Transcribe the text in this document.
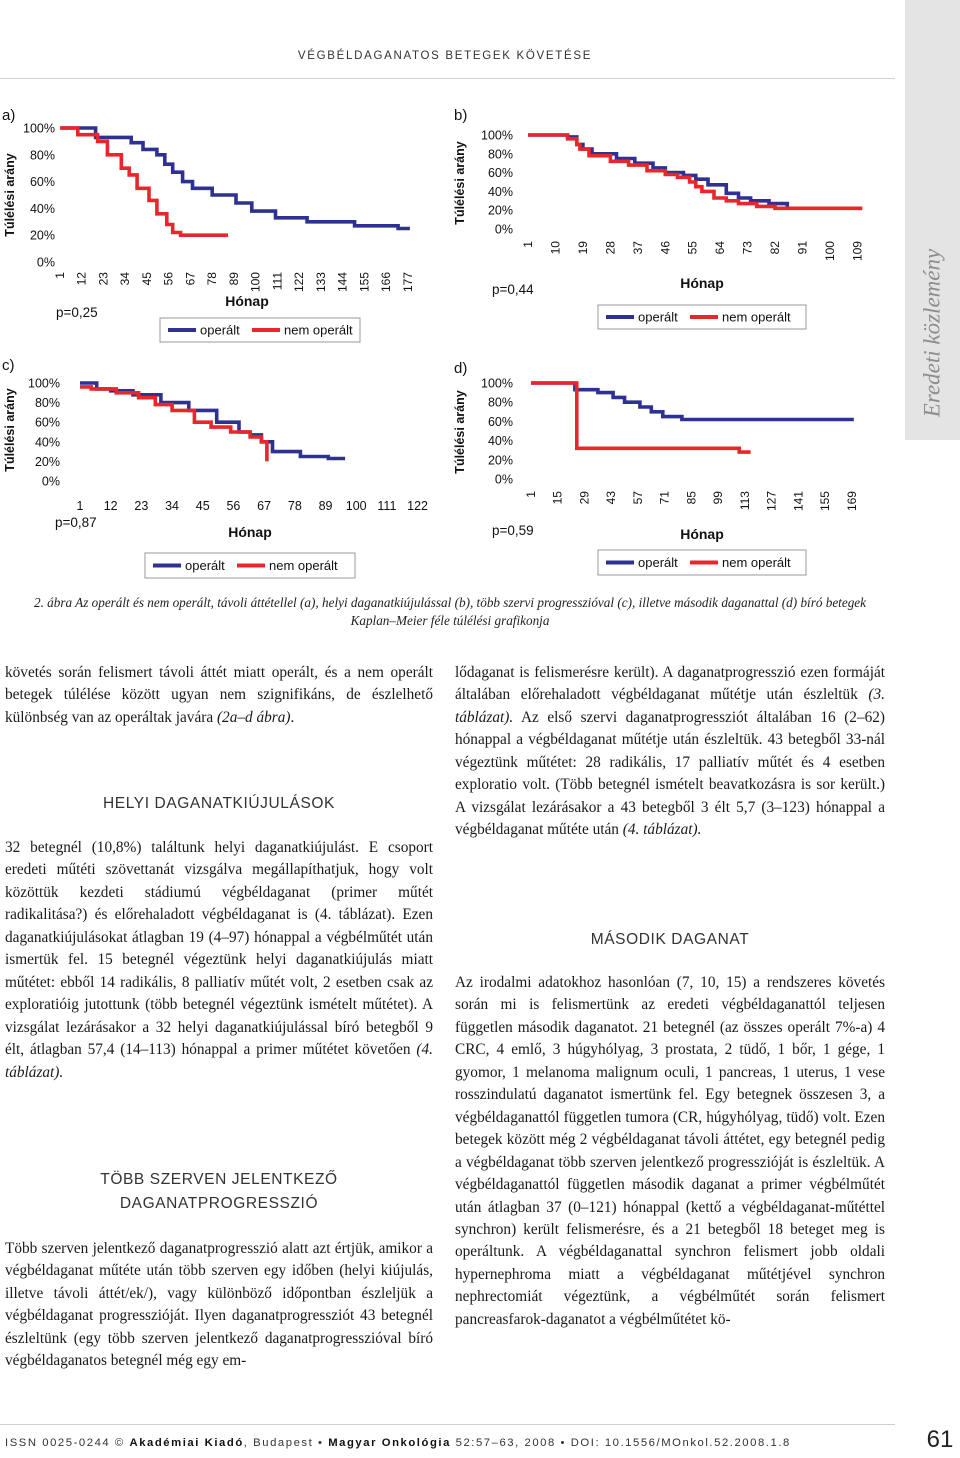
VÉGBÉLDAGANATOS BETEGEK KÖVETÉSE
Eredeti közlemény
a)
Túlélési arány
100%
80%
60%
40%
20%
0%
1 12 23 34 45 56 67 78 89 100 111 122 133 144 155 166 177
Hónap
p=0,25
operált	nem operált
b)
Túlélési arány
100%
80%
60%
40%
20%
0%
1 10 19 28 37 46 55 64 73 82 91 100 109
Hónap
p=0,44
operált	nem operált
c)
Túlélési arány
100%
80%
60%
40%
20%
0%
1 12 23 34 45 56 67 78 89 100 111 122
Hónap
p=0,87
operált	nem operált
d)
Túlélési arány
100%
80%
60%
40%
20%
0%
1 15 29 43 57 71 85 99 113 127 141 155 169
Hónap
p=0,59
operált	nem operált
2. ábra Az operált és nem operált, távoli áttétellel (a), helyi daganatkiújulással (b), több szervi progresszióval (c), illetve második daganattal (d) bíró betegek Kaplan–Meier féle túlélési grafikonja
követés során felismert távoli áttét miatt operált, és a nem operált betegek túlélése között ugyan nem szignifikáns, de észlelhető különbség van az operáltak javára (2a–d ábra).
HELYI DAGANATKIÚJULÁSOK
32 betegnél (10,8%) találtunk helyi daganatkiújulást. E csoport eredeti műtéti szövettanát vizsgálva megállapíthatjuk, hogy volt közöttük kezdeti stádiumú végbéldaganat (primer műtét radikalitása?) és előrehaladott végbéldaganat is (4. táblázat). Ezen daganatkiújulásokat átlagban 19 (4–97) hónappal a végbélműtét után ismertük fel. 15 betegnél végeztünk helyi daganatkiújulás miatt műtétet: ebből 14 radikális, 8 palliatív műtét volt, 2 esetben csak az exploratióig jutottunk (több betegnél végeztünk ismételt műtétet). A vizsgálat lezárásakor a 32 helyi daganatkiújulással bíró betegből 9 élt, átlagban 57,4 (14–113) hónappal a primer műtétet követően (4. táblázat).
TÖBB SZERVEN JELENTKEZŐ DAGANATPROGRESSZIÓ
Több szerven jelentkező daganatprogresszió alatt azt értjük, amikor a végbéldaganat műtéte után több szerven egy időben (helyi kiújulás, illetve távoli áttét/ek/), vagy különböző időpontban észleljük a végbéldaganat progresszióját. Ilyen daganatprogressziót 43 betegnél észleltünk (egy több szerven jelentkező daganatprogresszióval bíró végbéldaganatos betegnél még egy em-
lődaganat is felismerésre került). A daganatprogresszió ezen formáját általában előrehaladott végbéldaganat műtétje után észleltük (3. táblázat). Az első szervi daganatprogressziót általában 16 (2–62) hónappal a végbéldaganat műtétje után észleltük. 43 betegből 33-nál végeztünk műtétet: 28 radikális, 17 palliatív műtét és 4 esetben exploratio volt. (Több betegnél ismételt beavatkozásra is sor került.) A vizsgálat lezárásakor a 43 betegből 3 élt 5,7 (3–123) hónappal a végbéldaganat műtéte után (4. táblázat).
MÁSODIK DAGANAT
Az irodalmi adatokhoz hasonlóan (7, 10, 15) a rendszeres követés során mi is felismertünk az eredeti végbéldaganattól teljesen független második daganatot. 21 betegnél (az összes operált 7%-a) 4 CRC, 4 emlő, 3 húgyhólyag, 3 prostata, 2 tüdő, 1 bőr, 1 gége, 1 gyomor, 1 melanoma malignum oculi, 1 pancreas, 1 uterus, 1 vese rosszindulatú daganatot ismertünk fel. Egy betegnek összesen 3, a végbéldaganattól független tumora (CR, húgyhólyag, tüdő) volt. Ezen betegek között még 2 végbéldaganat távoli áttétet, egy betegnél pedig a végbéldaganat több szerven jelentkező progresszióját is észleltük. A végbéldaganattól független második daganat a primer végbélműtét után átlagban 37 (0–121) hónappal (kettő a végbéldaganat-műtéttel synchron) került felismerésre, és a 21 betegből 18 beteget meg is operáltunk. A végbéldaganattal synchron felismert jobb oldali hypernephroma miatt a végbéldaganat műtétjével synchron nephrectomiát végeztünk, a végbélműtét során felismert pancreasfarok-daganatot a végbélműtétet kö-
ISSN 0025-0244 © Akadémiai Kiadó, Budapest • Magyar Onkológia 52:57–63, 2008 • DOI: 10.1556/MOnkol.52.2008.1.8	61
